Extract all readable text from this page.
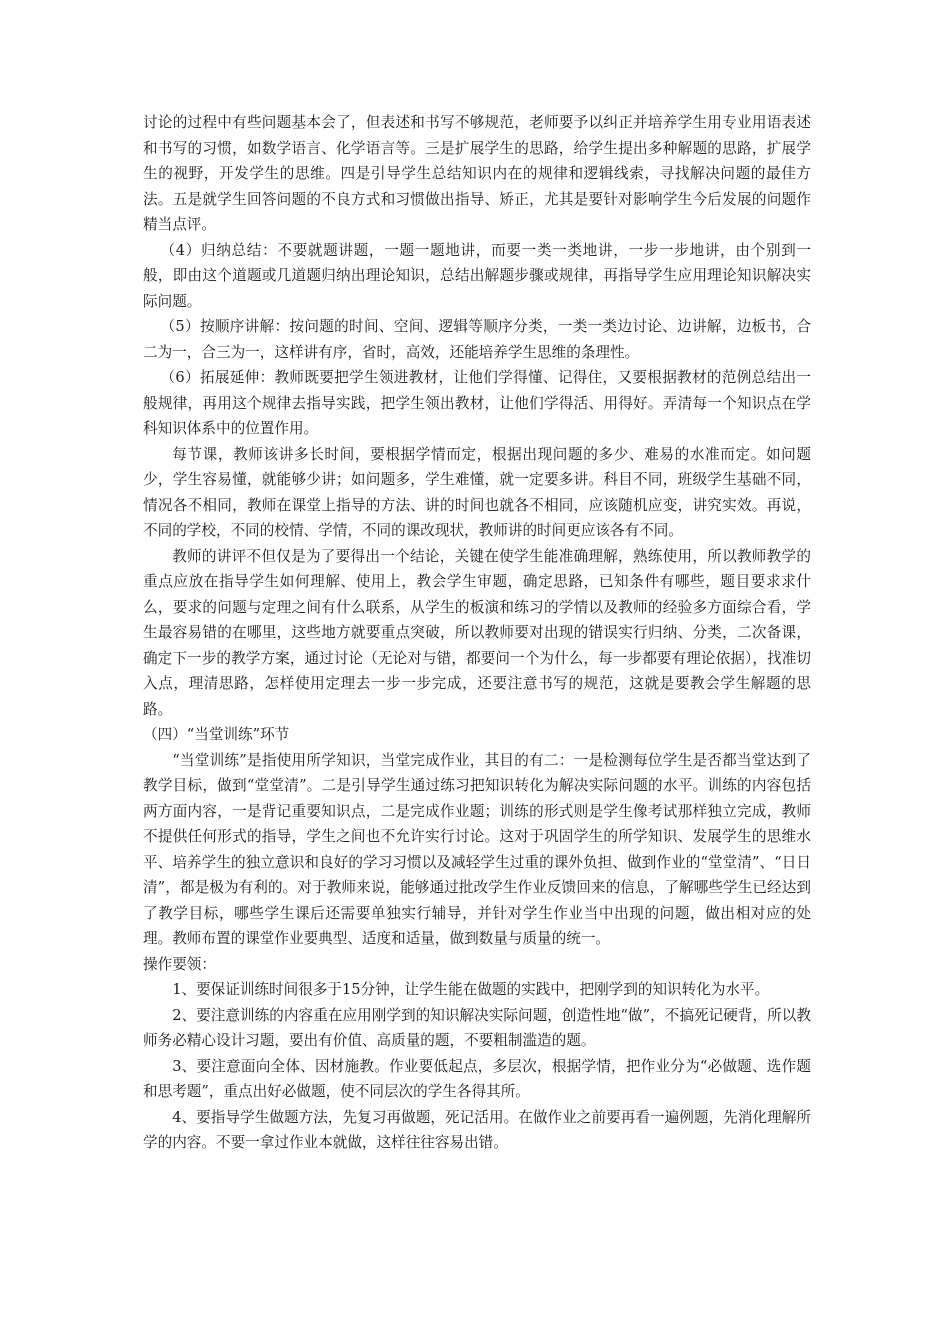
讨论的过程中有些问题基本会了，但表述和书写不够规范，老师要予以纠正并培养学生用专业用语表述和书写的习惯，如数学语言、化学语言等。三是扩展学生的思路，给学生提出多种解题的思路，扩展学生的视野，开发学生的思维。四是引导学生总结知识内在的规律和逻辑线索，寻找解决问题的最佳方法。五是就学生回答问题的不良方式和习惯做出指导、矫正，尤其是要针对影响学生今后发展的问题作精当点评。

（4）归纳总结：不要就题讲题，一题一题地讲，而要一类一类地讲，一步一步地讲，由个别到一般，即由这个道题或几道题归纳出理论知识，总结出解题步骤或规律，再指导学生应用理论知识解决实际问题。

（5）按顺序讲解：按问题的时间、空间、逻辑等顺序分类，一类一类边讨论、边讲解，边板书，合二为一，合三为一，这样讲有序，省时，高效，还能培养学生思维的条理性。

（6）拓展延伸：教师既要把学生领进教材，让他们学得懂、记得住，又要根据教材的范例总结出一般规律，再用这个规律去指导实践，把学生领出教材，让他们学得活、用得好。弄清每一个知识点在学科知识体系中的位置作用。

每节课，教师该讲多长时间，要根据学情而定，根据出现问题的多少、难易的水准而定。如问题少，学生容易懂，就能够少讲；如问题多，学生难懂，就一定要多讲。科目不同，班级学生基础不同，情况各不相同，教师在课堂上指导的方法、讲的时间也就各不相同，应该随机应变，讲究实效。再说，不同的学校，不同的校情、学情，不同的课改现状，教师讲的时间更应该各有不同。

教师的讲评不但仅是为了要得出一个结论，关键在使学生能准确理解，熟练使用，所以教师教学的重点应放在指导学生如何理解、使用上，教会学生审题，确定思路，已知条件有哪些，题目要求求什么，要求的问题与定理之间有什么联系，从学生的板演和练习的学情以及教师的经验多方面综合看，学生最容易错的在哪里，这些地方就要重点突破，所以教师要对出现的错误实行归纳、分类，二次备课，确定下一步的教学方案，通过讨论（无论对与错，都要问一个为什么，每一步都要有理论依据），找准切入点，理清思路，怎样使用定理去一步一步完成，还要注意书写的规范，这就是要教会学生解题的思路。

（四）“当堂训练”环节

“当堂训练”是指使用所学知识，当堂完成作业，其目的有二：一是检测每位学生是否都当堂达到了教学目标，做到“堂堂清”。二是引导学生通过练习把知识转化为解决实际问题的水平。训练的内容包括两方面内容，一是背记重要知识点，二是完成作业题；训练的形式则是学生像考试那样独立完成，教师不提供任何形式的指导，学生之间也不允许实行讨论。这对于巩固学生的所学知识、发展学生的思维水平、培养学生的独立意识和良好的学习习惯以及减轻学生过重的课外负担、做到作业的“堂堂清”、“日日清”，都是极为有利的。对于教师来说，能够通过批改学生作业反馈回来的信息，了解哪些学生已经达到了教学目标，哪些学生课后还需要单独实行辅导，并针对学生作业当中出现的问题，做出相对应的处理。教师布置的课堂作业要典型、适度和适量，做到数量与质量的统一。

操作要领：

1、要保证训练时间很多于15分钟，让学生能在做题的实践中，把刚学到的知识转化为水平。

2、要注意训练的内容重在应用刚学到的知识解决实际问题，创造性地“做”，不搞死记硬背，所以教师务必精心设计习题，要出有价值、高质量的题，不要粗制滥造的题。

3、要注意面向全体、因材施教。作业要低起点，多层次，根据学情，把作业分为“必做题、选作题和思考题”，重点出好必做题，使不同层次的学生各得其所。

4、要指导学生做题方法，先复习再做题，死记活用。在做作业之前要再看一遍例题，先消化理解所学的内容。不要一拿过作业本就做，这样往往容易出错。
